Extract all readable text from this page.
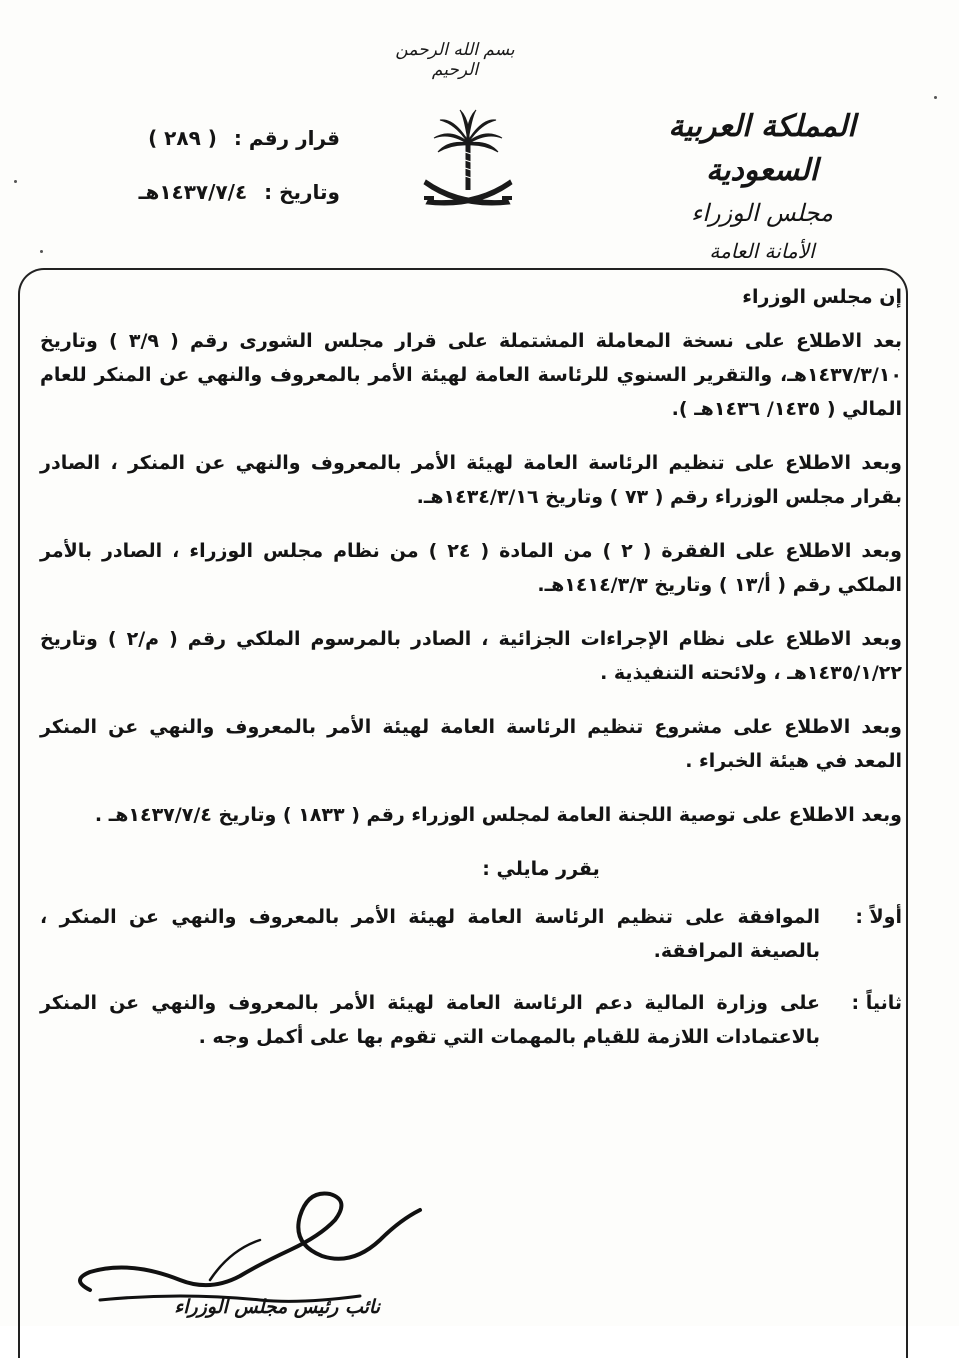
بسم الله الرحمن الرحيم
المملكة العربية السعودية
مجلس الوزراء
الأمانة العامة
قرار رقم : ( ٢٨٩ )
وتاريخ : ١٤٣٧/٧/٤هـ

إن مجلس الوزراء

بعد الاطلاع على نسخة المعاملة المشتملة على قرار مجلس الشورى رقم ( ٣/٩ ) وتاريخ ١٤٣٧/٣/١٠هـ، والتقرير السنوي للرئاسة العامة لهيئة الأمر بالمعروف والنهي عن المنكر للعام المالي ( ١٤٣٥/ ١٤٣٦هـ ).

وبعد الاطلاع على تنظيم الرئاسة العامة لهيئة الأمر بالمعروف والنهي عن المنكر ، الصادر بقرار مجلس الوزراء رقم ( ٧٣ ) وتاريخ ١٤٣٤/٣/١٦هـ.

وبعد الاطلاع على الفقرة ( ٢ ) من المادة ( ٢٤ ) من نظام مجلس الوزراء ، الصادر بالأمر الملكي رقم ( أ/١٣ ) وتاريخ ١٤١٤/٣/٣هـ.

وبعد الاطلاع على نظام الإجراءات الجزائية ، الصادر بالمرسوم الملكي رقم ( م/٢ ) وتاريخ ١٤٣٥/١/٢٢هـ ، ولائحته التنفيذية .

وبعد الاطلاع على مشروع تنظيم الرئاسة العامة لهيئة الأمر بالمعروف والنهي عن المنكر المعد في هيئة الخبراء .

وبعد الاطلاع على توصية اللجنة العامة لمجلس الوزراء رقم ( ١٨٣٣ ) وتاريخ ١٤٣٧/٧/٤هـ .

يقرر مايلي :

أولاً :
الموافقة على تنظيم الرئاسة العامة لهيئة الأمر بالمعروف والنهي عن المنكر ، بالصيغة المرافقة.
ثانياً :
على وزارة المالية دعم الرئاسة العامة لهيئة الأمر بالمعروف والنهي عن المنكر بالاعتمادات اللازمة للقيام بالمهمات التي تقوم بها على أكمل وجه .
نائب رئيس مجلس الوزراء
